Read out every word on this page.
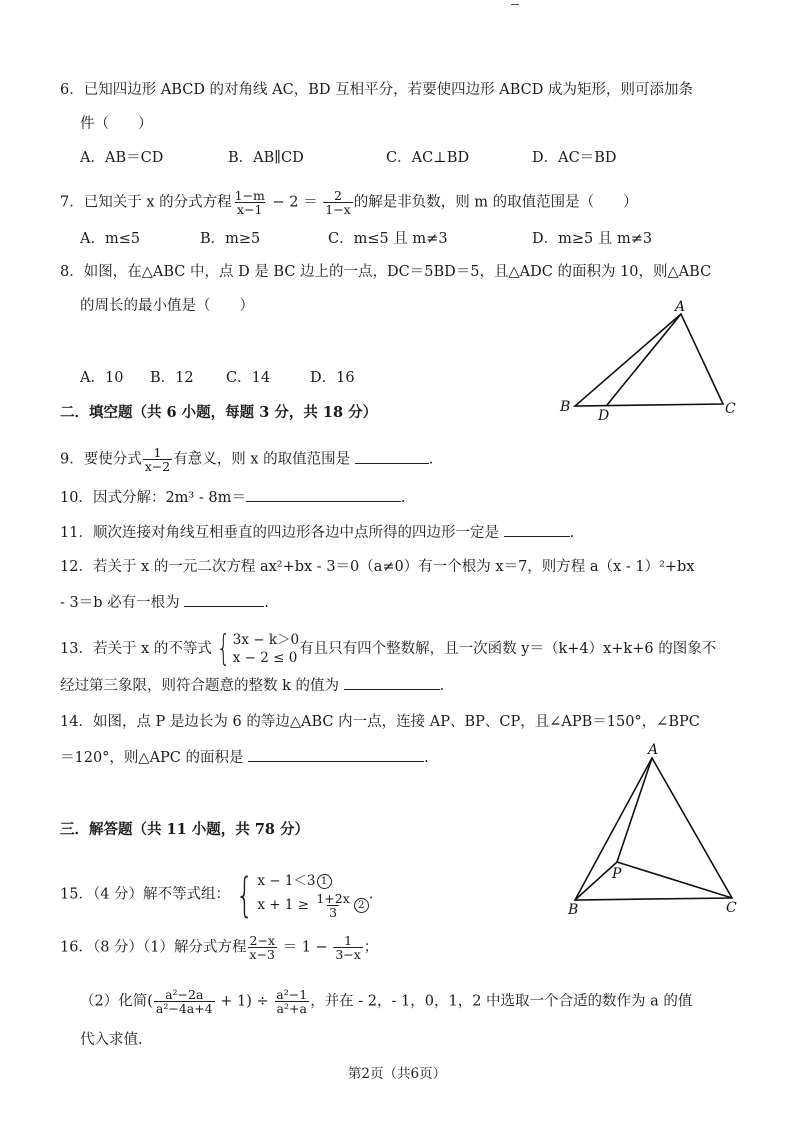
6．已知四边形 ABCD 的对角线 AC，BD 互相平分，若要使四边形 ABCD 成为矩形，则可添加条
件（　　）
A．AB＝CD	B．AB∥CD	C．AC⊥BD	D．AC＝BD
7．已知关于 x 的分式方程 $\frac{1-m}{x-1} - 2 = \frac{2}{1-x}$ 的解是非负数，则 m 的取值范围是（　　）
A．m≤5	B．m≥5	C．m≤5 且 m≠3	D．m≥5 且 m≠3
8．如图，在△ABC 中，点 D 是 BC 边上的一点，DC＝5BD＝5，且△ADC 的面积为 10，则△ABC
的周长的最小值是（　　）
A．10 B．12 C．14	D．16
A
B
D	C
二．填空题（共 6 小题，每题 3 分，共 18 分）
9．要使分式 $\frac{1}{x-2}$ 有意义，则 x 的取值范围是	.
10．因式分解：2m³ - 8m＝	.
11．顺次连接对角线互相垂直的四边形各边中点所得的四边形一定是	.
12．若关于 x 的一元二次方程 ax²+bx - 3＝0（a≠0）有一个根为 x＝7，则方程 a（x - 1）²+bx
- 3＝b 必有一根为	.
13．若关于 x 的不等式 { 3x − k＞0
x − 2 ≤ 0
有且只有四个整数解，且一次函数 y＝（k+4）x+k+6 的图象不
经过第三象限，则符合题意的整数 k 的值为	.
14．如图，点 P 是边长为 6 的等边△ABC 内一点，连接 AP、BP、CP，且∠APB＝150°，∠BPC
＝120°，则△APC 的面积是	.	A
B	C
P
三．解答题（共 11 小题，共 78 分）
15．（4 分）解不等式组： { x − 1＜3 1
$x + 1 \ge \frac{1+2x}{3} 2$
.
16．（8 分）（1）解分式方程 $\frac{2-x}{x-3} = 1 - \frac{1}{3-x}$ ；
（2）化简( $\frac{\text{a²−2a}}{\text{a²−4a+4}} + 1) \div \frac{\text{a²−1}}{\text{a²+a}}$ ，并在 - 2，- 1，0，1，2 中选取一个合适的数作为 a 的值
代入求值.
第2页（共6页）
